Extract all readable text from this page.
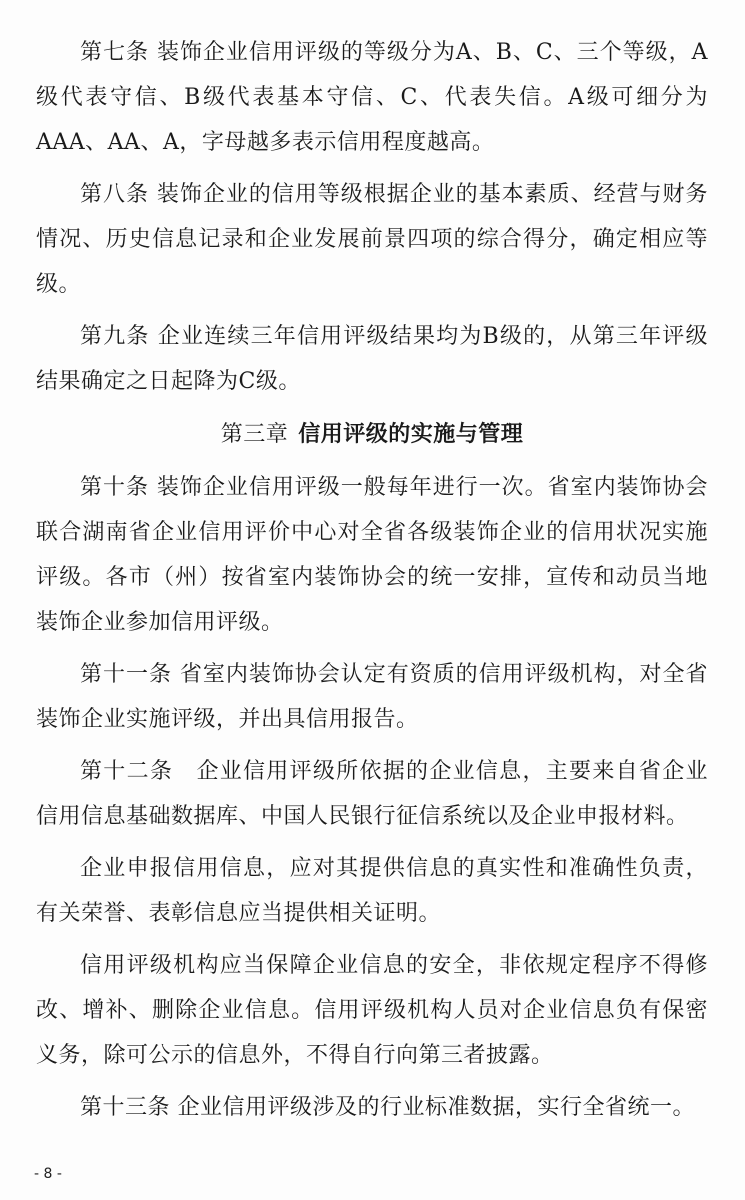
第七条 装饰企业信用评级的等级分为A、B、C、三个等级，A级代表守信、B级代表基本守信、C、代表失信。A级可细分为AAA、AA、A，字母越多表示信用程度越高。

第八条 装饰企业的信用等级根据企业的基本素质、经营与财务情况、历史信息记录和企业发展前景四项的综合得分，确定相应等级。

第九条 企业连续三年信用评级结果均为B级的，从第三年评级结果确定之日起降为C级。

第三章 信用评级的实施与管理

第十条 装饰企业信用评级一般每年进行一次。省室内装饰协会联合湖南省企业信用评价中心对全省各级装饰企业的信用状况实施评级。各市（州）按省室内装饰协会的统一安排，宣传和动员当地装饰企业参加信用评级。

第十一条 省室内装饰协会认定有资质的信用评级机构，对全省装饰企业实施评级，并出具信用报告。

第十二条　企业信用评级所依据的企业信息，主要来自省企业信用信息基础数据库、中国人民银行征信系统以及企业申报材料。

企业申报信用信息，应对其提供信息的真实性和准确性负责，有关荣誉、表彰信息应当提供相关证明。

信用评级机构应当保障企业信息的安全，非依规定程序不得修改、增补、删除企业信息。信用评级机构人员对企业信息负有保密义务，除可公示的信息外，不得自行向第三者披露。

第十三条 企业信用评级涉及的行业标准数据，实行全省统一。

- 8 -
